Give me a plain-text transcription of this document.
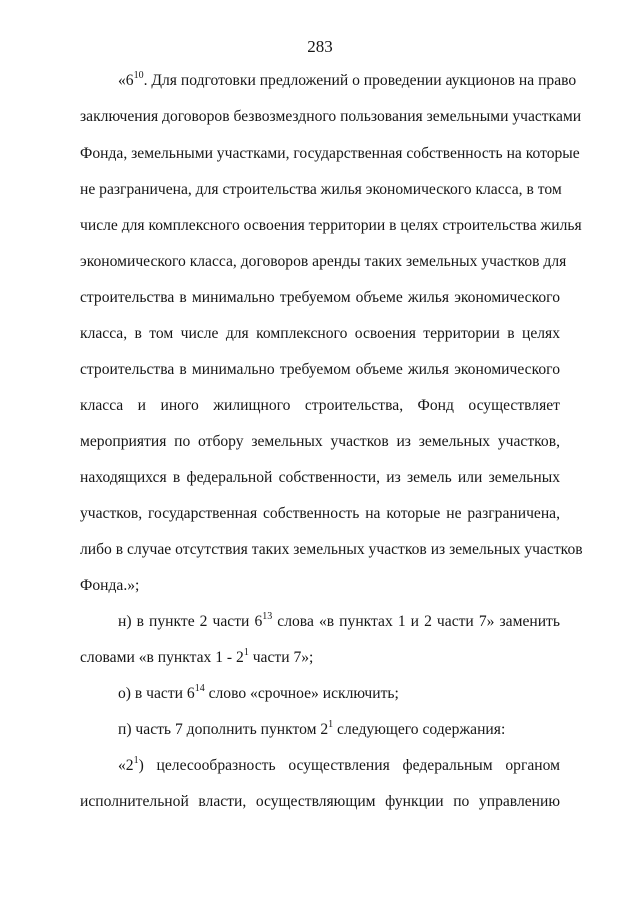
283
«$6^{10}$. Для подготовки предложений о проведении аукционов на право
заключения договоров безвозмездного пользования земельными участками
Фонда, земельными участками, государственная собственность на которые
не разграничена, для строительства жилья экономического класса, в том
числе для комплексного освоения территории в целях строительства жилья
экономического класса, договоров аренды таких земельных участков для
строительства в минимально требуемом объеме жилья экономического
класса, в том числе для комплексного освоения территории в целях
строительства в минимально требуемом объеме жилья экономического
класса и иного жилищного строительства, Фонд осуществляет
мероприятия по отбору земельных участков из земельных участков,
находящихся в федеральной собственности, из земель или земельных
участков, государственная собственность на которые не разграничена,
либо в случае отсутствия таких земельных участков из земельных участков
Фонда.»;
н) в пункте 2 части $6^{13}$ слова «в пунктах 1 и 2 части 7» заменить
словами «в пунктах $1 - 2^1$ части 7»;
о) в части $6^{14}$ слово «срочное» исключить;
п) часть 7 дополнить пунктом $2^1$ следующего содержания:
«$2^1$) целесообразность осуществления федеральным органом
исполнительной власти, осуществляющим функции по управлению
